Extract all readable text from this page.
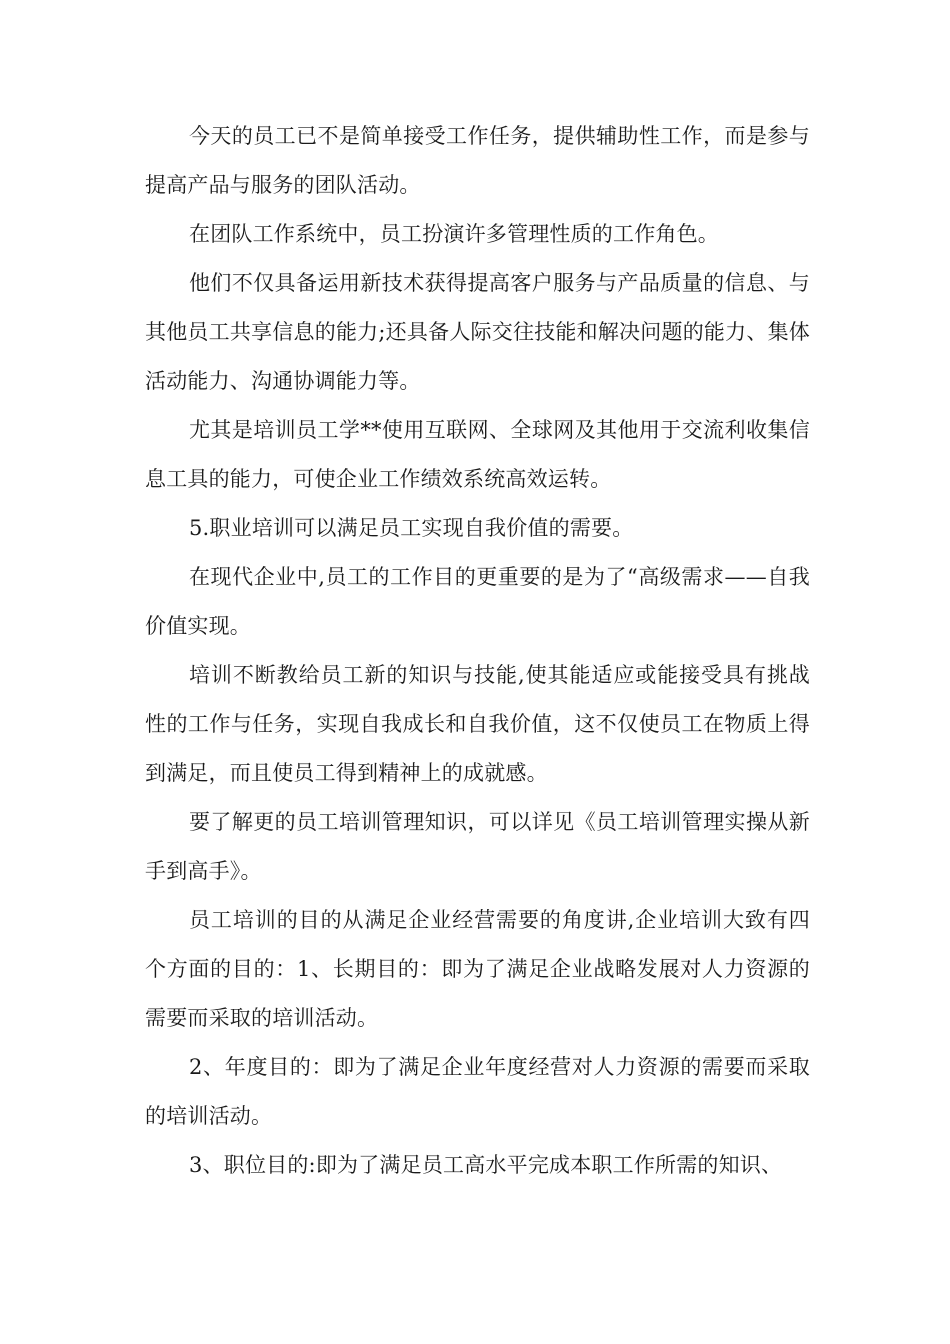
今天的员工已不是简单接受工作任务，提供辅助性工作，而是参与提高产品与服务的团队活动。

在团队工作系统中，员工扮演许多管理性质的工作角色。

他们不仅具备运用新技术获得提高客户服务与产品质量的信息、与其他员工共享信息的能力;还具备人际交往技能和解决问题的能力、集体活动能力、沟通协调能力等。

尤其是培训员工学**使用互联网、全球网及其他用于交流利收集信息工具的能力，可使企业工作绩效系统高效运转。

5.职业培训可以满足员工实现自我价值的需要。

在现代企业中,员工的工作目的更重要的是为了“高级需求——自我价值实现。

培训不断教给员工新的知识与技能,使其能适应或能接受具有挑战性的工作与任务，实现自我成长和自我价值，这不仅使员工在物质上得到满足，而且使员工得到精神上的成就感。

要了解更的员工培训管理知识，可以详见《员工培训管理实操从新手到高手》。

员工培训的目的从满足企业经营需要的角度讲,企业培训大致有四个方面的目的：1、长期目的：即为了满足企业战略发展对人力资源的需要而采取的培训活动。

2、年度目的：即为了满足企业年度经营对人力资源的需要而采取的培训活动。

3、职位目的:即为了满足员工高水平完成本职工作所需的知识、
